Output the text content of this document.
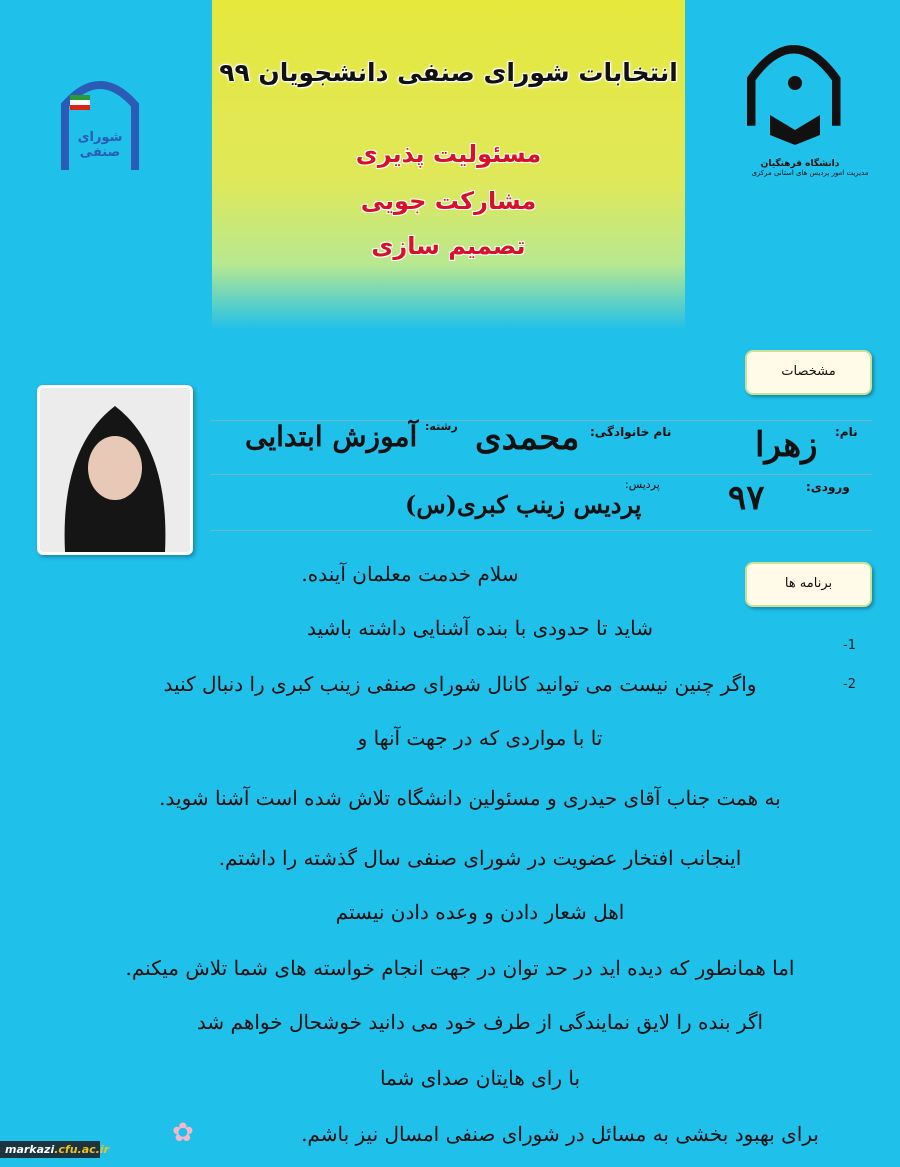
انتخابات شورای صنفی دانشجویان ۹۹
مسئولیت پذیری
مشارکت جویی
تصمیم سازی
دانشگاه فرهنگیان
مدیریت امور پردیس های استانی مرکزی
شورای صنفی
مشخصات
نام:
زهرا
نام خانوادگی:
محمدی
رشته:
آموزش ابتدایی
ورودی:
۹۷
پردیس:
پردیس زینب کبری(س)
برنامه ها
-1
-2
سلام خدمت معلمان آینده.
شاید تا حدودی با بنده آشنایی داشته باشید
واگر چنین نیست می توانید کانال شورای صنفی زینب کبری را دنبال کنید
تا با مواردی که در جهت آنها و
به همت جناب آقای حیدری و مسئولین دانشگاه تلاش شده است آشنا شوید.
اینجانب افتخار عضویت در شورای صنفی سال گذشته را داشتم.
اهل شعار دادن و وعده دادن نیستم
اما همانطور که دیده اید در حد توان در جهت انجام خواسته های شما تلاش میکنم.
اگر بنده را لایق نمایندگی از طرف خود می دانید خوشحال خواهم شد
با رای هایتان صدای شما
برای بهبود بخشی به مسائل در شورای صنفی امسال نیز باشم.
✿
markazi.cfu.ac.ir
